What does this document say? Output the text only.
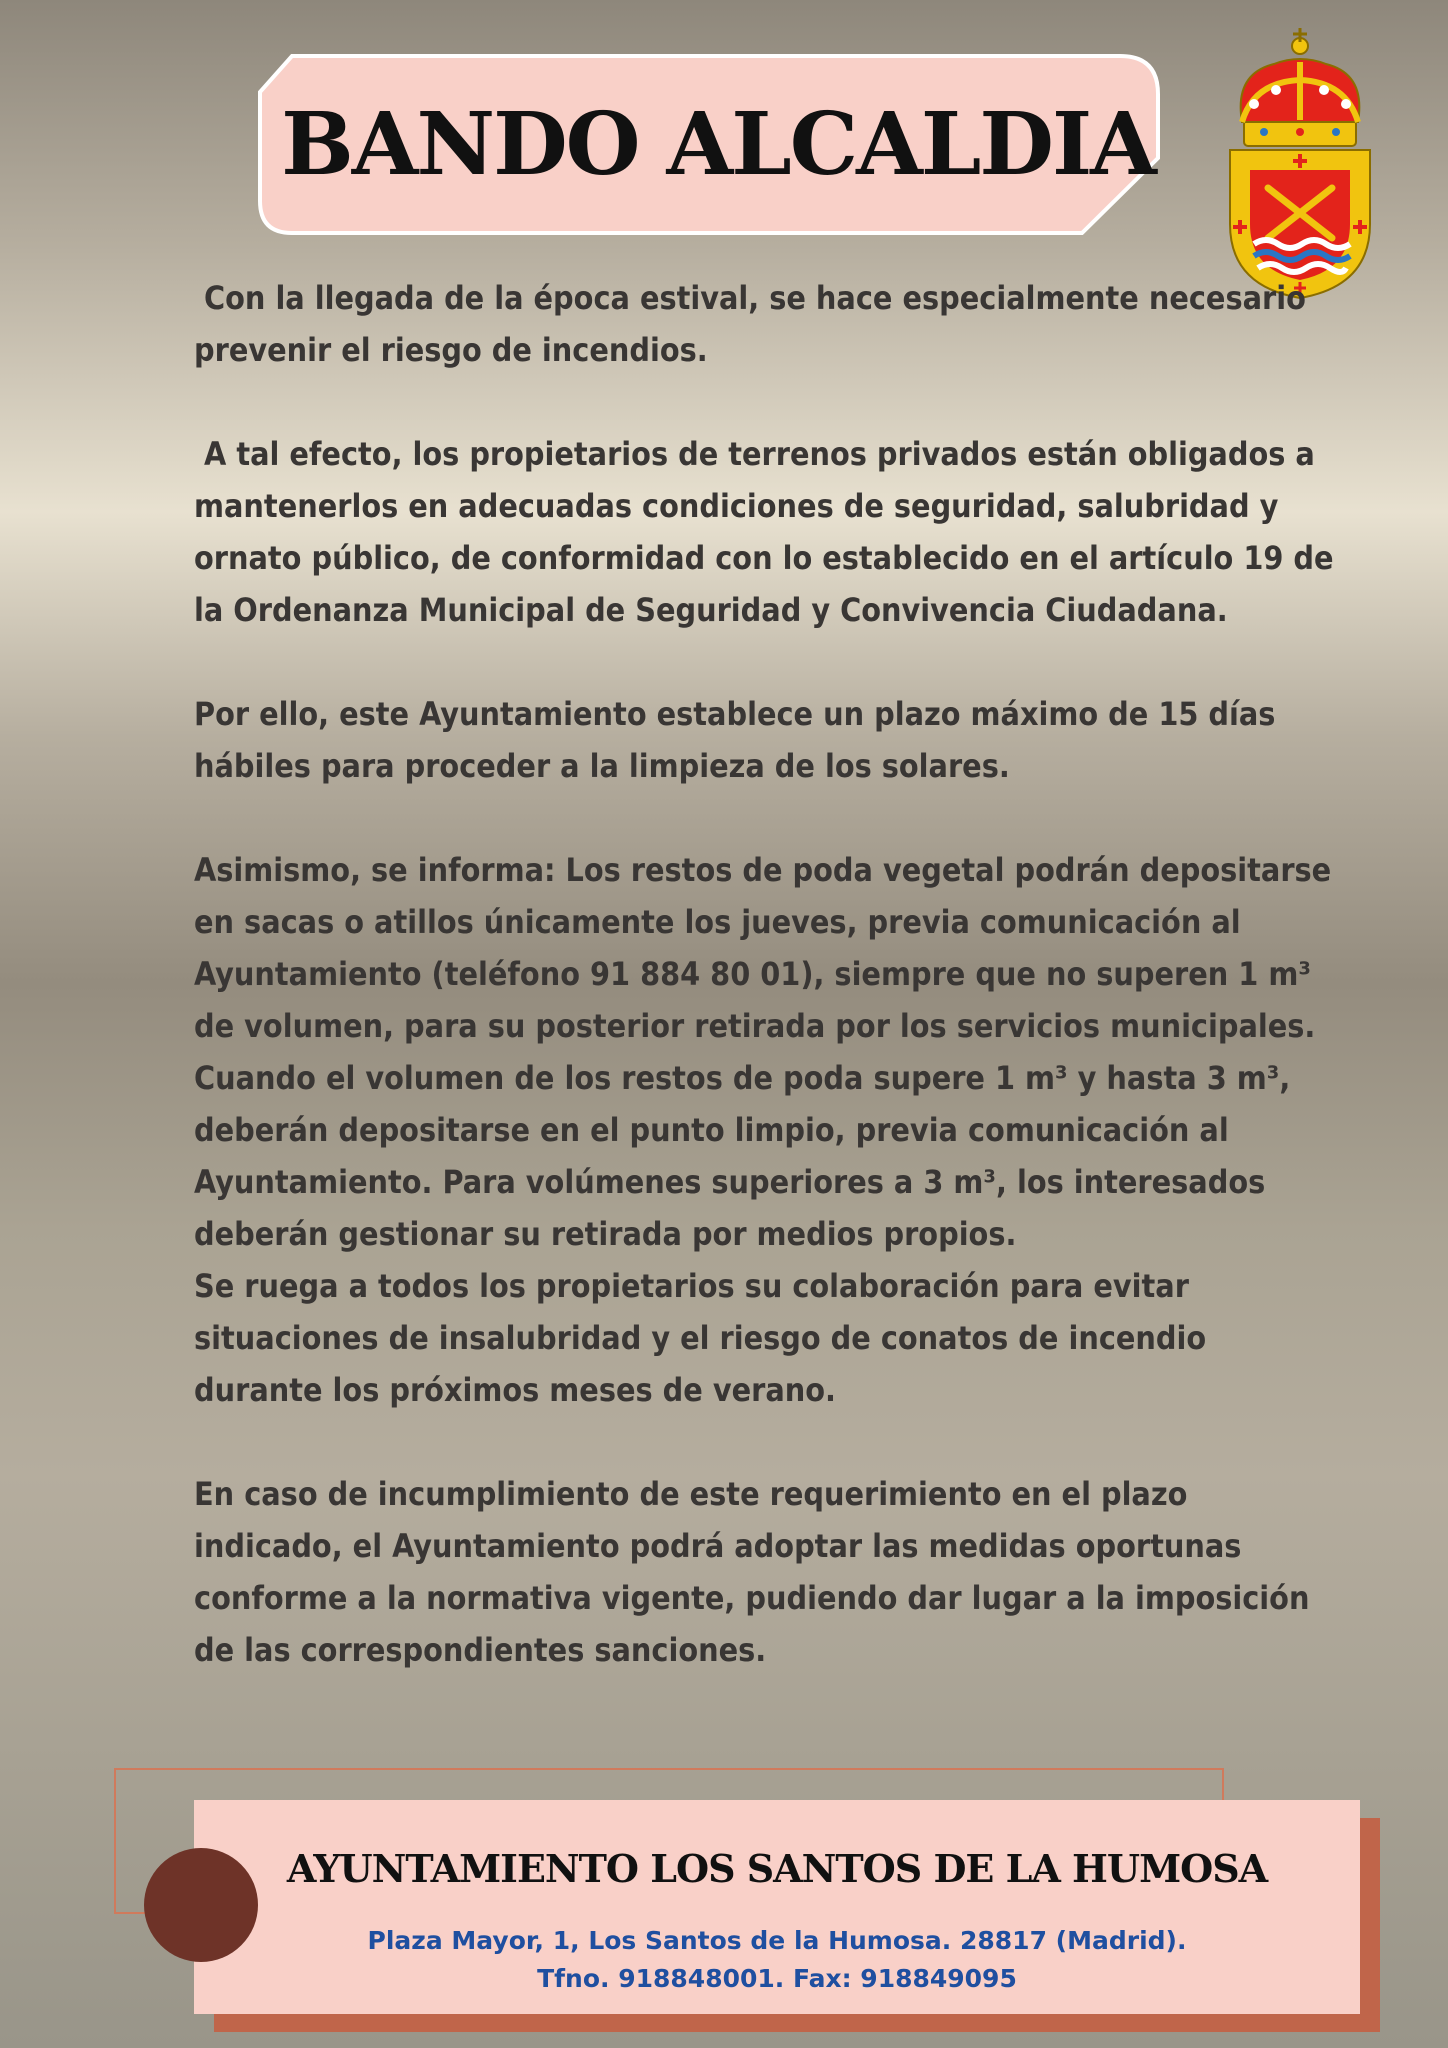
BANDO ALCALDIA

Con la llegada de la época estival, se hace especialmente necesario prevenir el riesgo de incendios.

A tal efecto, los propietarios de terrenos privados están obligados a mantenerlos en adecuadas condiciones de seguridad, salubridad y ornato público, de conformidad con lo establecido en el artículo 19 de la Ordenanza Municipal de Seguridad y Convivencia Ciudadana.

Por ello, este Ayuntamiento establece un plazo máximo de 15 días hábiles para proceder a la limpieza de los solares.

Asimismo, se informa: Los restos de poda vegetal podrán depositarse en sacas o atillos únicamente los jueves, previa comunicación al Ayuntamiento (teléfono 91 884 80 01), siempre que no superen 1 m³ de volumen, para su posterior retirada por los servicios municipales.

Cuando el volumen de los restos de poda supere 1 m³ y hasta 3 m³, deberán depositarse en el punto limpio, previa comunicación al Ayuntamiento. Para volúmenes superiores a 3 m³, los interesados deberán gestionar su retirada por medios propios.

Se ruega a todos los propietarios su colaboración para evitar situaciones de insalubridad y el riesgo de conatos de incendio durante los próximos meses de verano.

En caso de incumplimiento de este requerimiento en el plazo indicado, el Ayuntamiento podrá adoptar las medidas oportunas conforme a la normativa vigente, pudiendo dar lugar a la imposición de las correspondientes sanciones.

AYUNTAMIENTO LOS SANTOS DE LA HUMOSA
Plaza Mayor, 1, Los Santos de la Humosa. 28817 (Madrid).
Tfno. 918848001. Fax: 918849095
